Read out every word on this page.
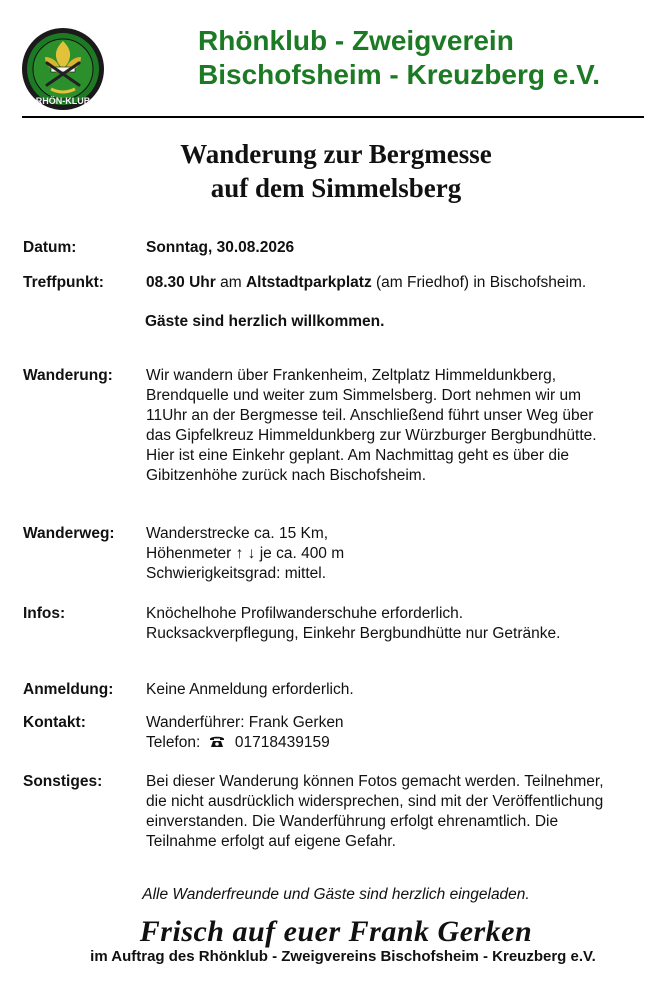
RHÖN-KLUB
Rhönklub - Zweigverein
Bischofsheim - Kreuzberg e.V.
Wanderung zur Bergmesse
auf dem Simmelsberg
Datum:	Sonntag, 30.08.2026
Treffpunkt:	08.30 Uhr am Altstadtparkplatz (am Friedhof) in Bischofsheim.
Gäste sind herzlich willkommen.
Wanderung: Wir wandern über Frankenheim, Zeltplatz Himmeldunkberg,
Brendquelle und weiter zum Simmelsberg. Dort nehmen wir um
11Uhr an der Bergmesse teil. Anschließend führt unser Weg über
das Gipfelkreuz Himmeldunkberg zur Würzburger Bergbundhütte.
Hier ist eine Einkehr geplant. Am Nachmittag geht es über die
Gibitzenhöhe zurück nach Bischofsheim.
Wanderweg: Wanderstrecke ca. 15 Km,
Höhenmeter ↑ ↓ je ca. 400 m
Schwierigkeitsgrad: mittel.
Infos:	Knöchelhohe Profilwanderschuhe erforderlich.
Rucksackverpflegung, Einkehr Bergbundhütte nur Getränke.
Anmeldung: Keine Anmeldung erforderlich.
Kontakt:	Wanderführer: Frank Gerken
Telefon: 01718439159
Sonstiges:	Bei dieser Wanderung können Fotos gemacht werden. Teilnehmer,
die nicht ausdrücklich widersprechen, sind mit der Veröffentlichung
einverstanden. Die Wanderführung erfolgt ehrenamtlich. Die
Teilnahme erfolgt auf eigene Gefahr.
Alle Wanderfreunde und Gäste sind herzlich eingeladen.
Frisch auf euer Frank Gerken
im Auftrag des Rhönklub - Zweigvereins Bischofsheim - Kreuzberg e.V.
